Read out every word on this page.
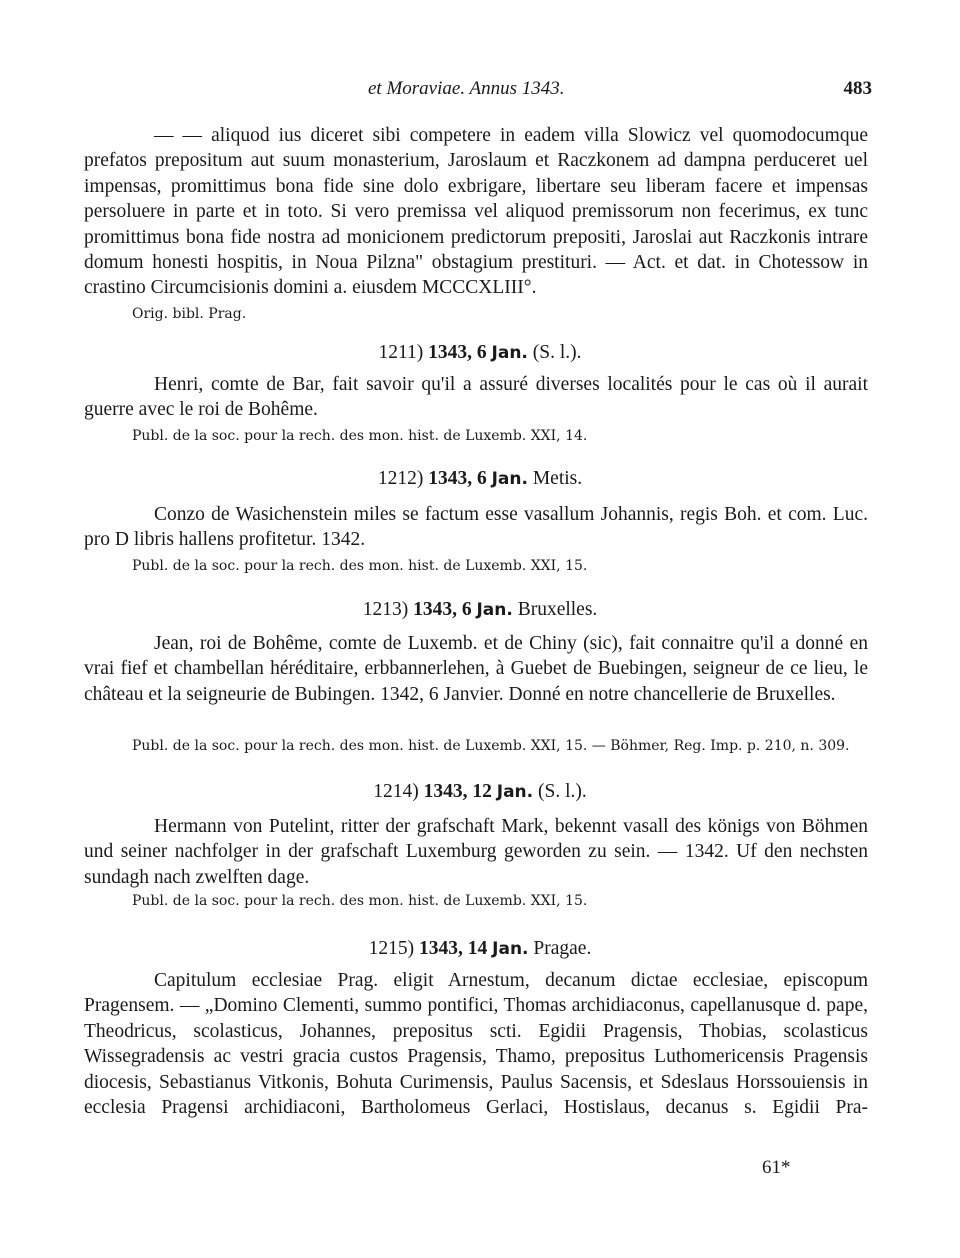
et Moraviae. Annus 1343.	483

— — aliquod ius diceret sibi competere in eadem villa Slowicz vel quomodocumque prefatos prepositum aut suum monasterium, Jaroslaum et Raczkonem ad dampna perduceret uel impensas, promittimus bona fide sine dolo exbrigare, libertare seu liberam facere et impensas persoluere in parte et in toto. Si vero premissa vel aliquod premissorum non fecerimus, ex tunc promittimus bona fide nostra ad monicionem predictorum prepositi, Jaroslai aut Raczkonis intrare domum honesti hospitis, in Noua Pilzna" obstagium prestituri. — Act. et dat. in Chotessow in crastino Circumcisionis domini a. eiusdem MCCCXLIII°.

Orig. bibl. Prag.

1211) 1343, 6 Jan. (S. l.).

Henri, comte de Bar, fait savoir qu'il a assuré diverses localités pour le cas où il aurait guerre avec le roi de Bohême.

Publ. de la soc. pour la rech. des mon. hist. de Luxemb. XXI, 14.

1212) 1343, 6 Jan. Metis.

Conzo de Wasichenstein miles se factum esse vasallum Johannis, regis Boh. et com. Luc. pro D libris hallens profitetur. 1342.

Publ. de la soc. pour la rech. des mon. hist. de Luxemb. XXI, 15.

1213) 1343, 6 Jan. Bruxelles.

Jean, roi de Bohême, comte de Luxemb. et de Chiny (sic), fait connaitre qu'il a donné en vrai fief et chambellan héréditaire, erbbannerlehen, à Guebet de Buebingen, seigneur de ce lieu, le château et la seigneurie de Bubingen. 1342, 6 Janvier. Donné en notre chancellerie de Bruxelles.

Publ. de la soc. pour la rech. des mon. hist. de Luxemb. XXI, 15. — Böhmer, Reg. Imp. p. 210, n. 309.

1214) 1343, 12 Jan. (S. l.).

Hermann von Putelint, ritter der grafschaft Mark, bekennt vasall des königs von Böhmen und seiner nachfolger in der grafschaft Luxemburg geworden zu sein. — 1342. Uf den nechsten sundagh nach zwelften dage.

Publ. de la soc. pour la rech. des mon. hist. de Luxemb. XXI, 15.

1215) 1343, 14 Jan. Pragae.

Capitulum ecclesiae Prag. eligit Arnestum, decanum dictae ecclesiae, episcopum Pragensem. — „Domino Clementi, summo pontifici, Thomas archidiaconus, capellanusque d. pape, Theodricus, scolasticus, Johannes, prepositus scti. Egidii Pragensis, Thobias, scolasticus Wissegradensis ac vestri gracia custos Pragensis, Thamo, prepositus Luthomericensis Pragensis diocesis, Sebastianus Vitkonis, Bohuta Curimensis, Paulus Sacensis, et Sdeslaus Horssouiensis in ecclesia Pragensi archidiaconi, Bartholomeus Gerlaci, Hostislaus, decanus s. Egidii Pra-

61*
